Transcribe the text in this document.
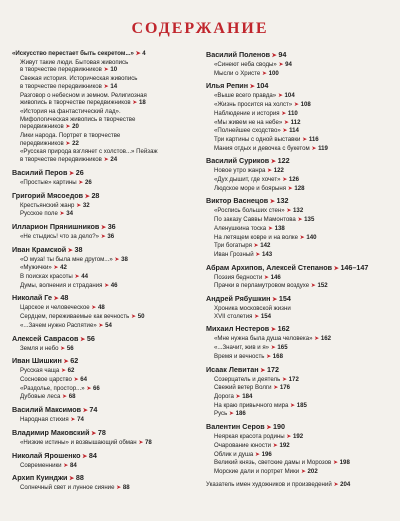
СОДЕРЖАНИЕ
«Искусство перестает быть секретом...» ➤ 4
Живут такие люди. Бытовая живопись
в творчестве передвижников ➤ 10
Свежая история. Историческая живопись
в творчестве передвижников ➤ 14
Разговор о небесном и земном. Религиозная
живопись в творчестве передвижников ➤ 18
«История на фантастический лад».
Мифологическая живопись в творчестве
передвижников ➤ 20
Лики народа. Портрет в творчестве
передвижников ➤ 22
«Русская природа взглянет с холстов...» Пейзаж
в творчестве передвижников ➤ 24
Василий Перов ➤ 26
«Простые» картины ➤ 26
Григорий Мясоедов ➤ 28
Крестьянский жанр ➤ 32
Русское поле ➤ 34
Илларион Прянишников ➤ 36
«Не стыдись! что за дело?» ➤ 36
Иван Крамской ➤ 38
«О муза! ты была мне другом...» ➤ 38
«Мужички» ➤ 42
В поисках красоты ➤ 44
Думы, волнения и страдания ➤ 46
Николай Ге ➤ 48
Царское и человеческое ➤ 48
Сердцем, переживаемые как вечность ➤ 50
«...Зачем нужно Распятие» ➤ 54
Алексей Саврасов ➤ 56
Земля и небо ➤ 56
Иван Шишкин ➤ 62
Русская чаща ➤ 62
Сосновое царство ➤ 64
«Раздолье, простор...» ➤ 66
Дубовые леса ➤ 68
Василий Максимов ➤ 74
Народная стихия ➤ 74
Владимир Маковский ➤ 78
«Низкие истины» и возвышающий обман ➤ 78
Николай Ярошенко ➤ 84
Современники ➤ 84
Архип Куинджи ➤ 88
Солнечный свет и лунное сияние ➤ 88
Василий Поленов ➤ 94
«Синеют неба своды» ➤ 94
Мысли о Христе ➤ 100
Илья Репин ➤ 104
«Выше всего правда» ➤ 104
«Жизнь просится на холст» ➤ 108
Наблюдение и история ➤ 110
«Мы живем не на небе» ➤ 112
«Полнейшее сходство» ➤ 114
Три картины с одной выставки ➤ 116
Мания отдых и девочка с букетом ➤ 119
Василий Суриков ➤ 122
Новое утро жанра ➤ 122
«Дух дышит, где хочет» ➤ 126
Людское море и боярыня ➤ 128
Виктор Васнецов ➤ 132
«Роспись больших стен» ➤ 132
По заказу Саввы Мамонтова ➤ 135
Аленушкина тоска ➤ 138
На летящем ковре и на волке ➤ 140
Три богатыря ➤ 142
Иван Грозный ➤ 143
Абрам Архипов, Алексей Степанов ➤ 146–147
Поэзия бедности ➤ 146
Прачки в перламутровом воздухе ➤ 152
Андрей Рябушкин ➤ 154
Хроника московской жизни
XVII столетия ➤ 154
Михаил Нестеров ➤ 162
«Мне нужна была душа человека» ➤ 162
«...Значит, жив и я» ➤ 165
Время и вечность ➤ 168
Исаак Левитан ➤ 172
Созерцатель и деятель ➤ 172
Свежий ветер Волги ➤ 176
Дорога ➤ 184
На краю привычного мира ➤ 185
Русь ➤ 186
Валентин Серов ➤ 190
Неяркая красота родины ➤ 192
Очарование юности ➤ 192
Облик и душа ➤ 196
Великий князь, светские дамы и Морозов ➤ 198
Морские дали и портрет Мики ➤ 202
Указатель имен художников и произведений ➤ 204
